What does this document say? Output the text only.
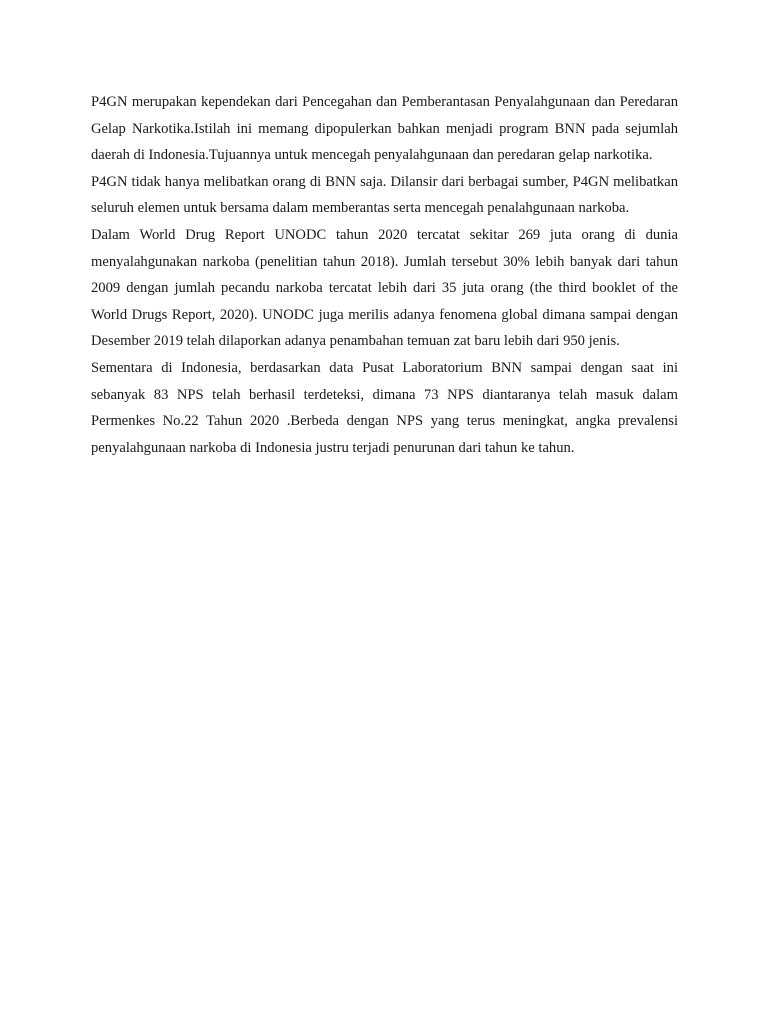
P4GN merupakan kependekan dari Pencegahan dan Pemberantasan Penyalahgunaan dan Peredaran Gelap Narkotika.Istilah ini memang dipopulerkan bahkan menjadi program BNN pada sejumlah daerah di Indonesia.Tujuannya untuk mencegah penyalahgunaan dan peredaran gelap narkotika.

P4GN tidak hanya melibatkan orang di BNN saja. Dilansir dari berbagai sumber, P4GN melibatkan seluruh elemen untuk bersama dalam memberantas serta mencegah penalahgunaan narkoba.

Dalam World Drug Report UNODC tahun 2020 tercatat sekitar 269 juta orang di dunia menyalahgunakan narkoba (penelitian tahun 2018). Jumlah tersebut 30% lebih banyak dari tahun 2009 dengan jumlah pecandu narkoba tercatat lebih dari 35 juta orang (the third booklet of the World Drugs Report, 2020). UNODC juga merilis adanya fenomena global dimana sampai dengan Desember 2019 telah dilaporkan adanya penambahan temuan zat baru lebih dari 950 jenis.

Sementara di Indonesia, berdasarkan data Pusat Laboratorium BNN sampai dengan saat ini sebanyak 83 NPS telah berhasil terdeteksi, dimana 73 NPS diantaranya telah masuk dalam Permenkes No.22 Tahun 2020 .Berbeda dengan NPS yang terus meningkat, angka prevalensi penyalahgunaan narkoba di Indonesia justru terjadi penurunan dari tahun ke tahun.
